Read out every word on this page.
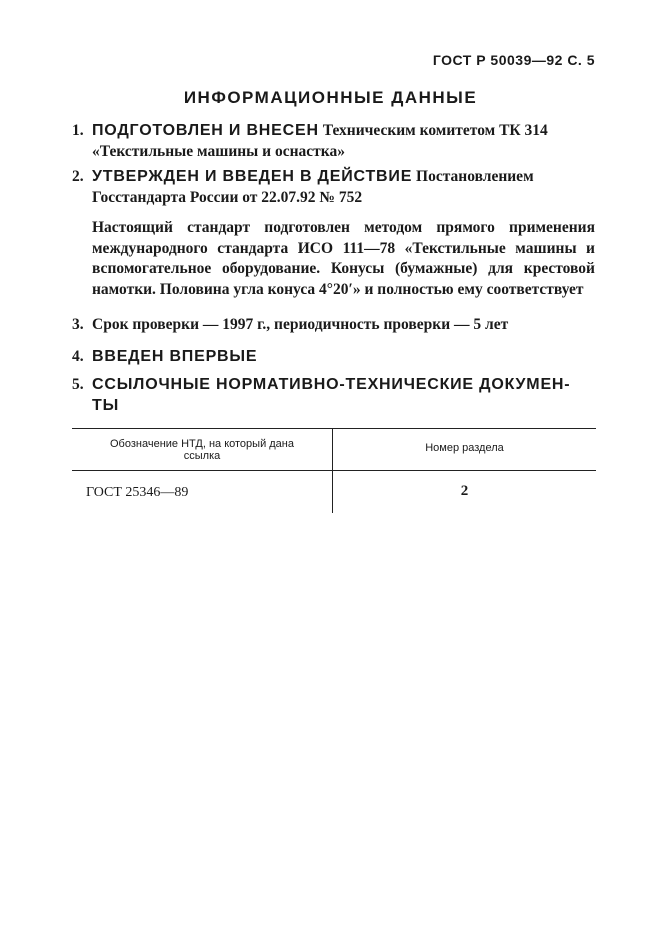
ГОСТ Р 50039—92 С. 5
ИНФОРМАЦИОННЫЕ ДАННЫЕ
1. ПОДГОТОВЛЕН И ВНЕСЕН Техническим комитетом ТК 314
«Текстильные машины и оснастка»
2. УТВЕРЖДЕН И ВВЕДЕН В ДЕЙСТВИЕ Постановлением
Госстандарта России от 22.07.92 № 752
Настоящий стандарт подготовлен методом прямого применения международного стандарта ИСО 111—78 «Текстильные машины и вспомогательное оборудование. Конусы (бумажные) для крестовой намотки. Половина угла конуса 4°20′» и полностью ему соответствует
3. Срок проверки — 1997 г., периодичность проверки — 5 лет
4. ВВЕДЕН ВПЕРВЫЕ
5. ССЫЛОЧНЫЕ НОРМАТИВНО-ТЕХНИЧЕСКИЕ ДОКУМЕН-
ТЫ
Обозначение НТД, на который дана ссылка
Номер раздела
ГОСТ 25346—89	2
